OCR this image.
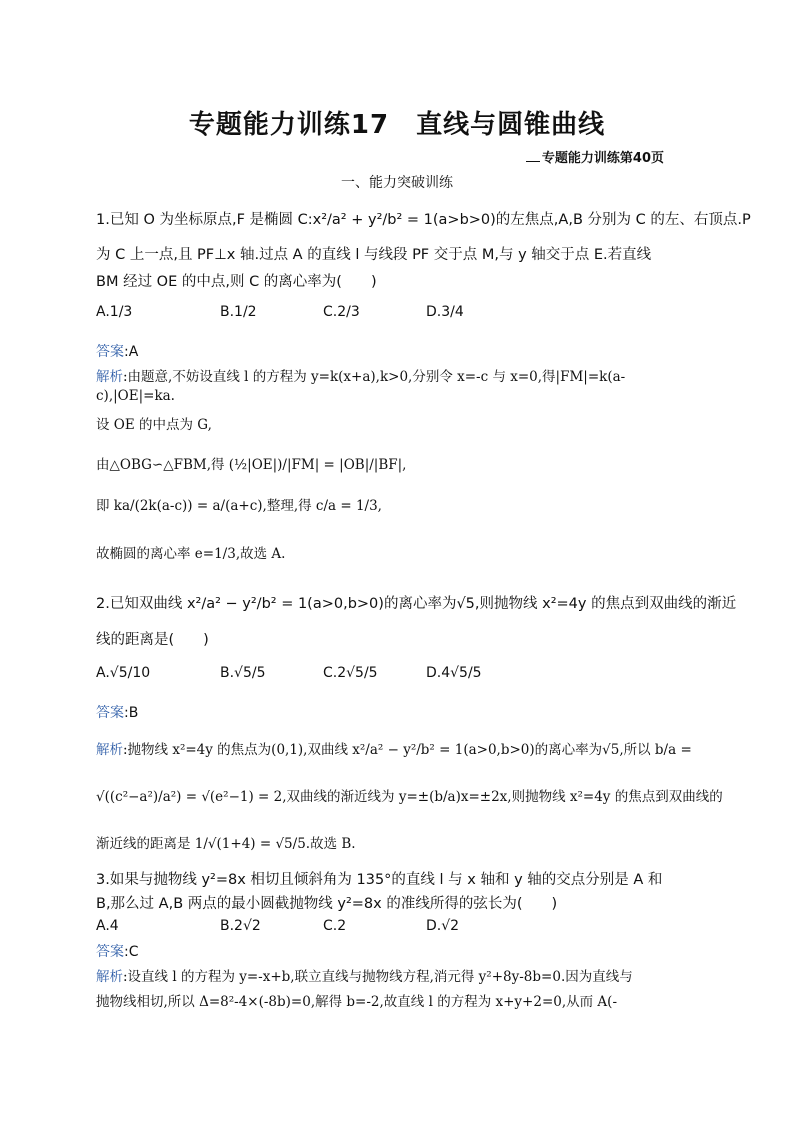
专题能力训练17　直线与圆锥曲线
专题能力训练第40页
一、能力突破训练
1.已知 O 为坐标原点,F 是椭圆 C:x²/a² + y²/b² = 1(a>b>0)的左焦点,A,B 分别为 C 的左、右顶点.P
为 C 上一点,且 PF⊥x 轴.过点 A 的直线 l 与线段 PF 交于点 M,与 y 轴交于点 E.若直线
BM 经过 OE 的中点,则 C 的离心率为(　　)
A.1/3	B.1/2	C.2/3	D.3/4
答案:A
解析:由题意,不妨设直线 l 的方程为 y=k(x+a),k>0,分别令 x=-c 与 x=0,得|FM|=k(a-
c),|OE|=ka.
设 OE 的中点为 G,
由△OBG∽△FBM,得 (½|OE|)/|FM| = |OB|/|BF|,
即 ka/(2k(a-c)) = a/(a+c),整理,得 c/a = 1/3,
故椭圆的离心率 e=1/3,故选 A.
2.已知双曲线 x²/a² − y²/b² = 1(a>0,b>0)的离心率为√5,则抛物线 x²=4y 的焦点到双曲线的渐近
线的距离是(　　)
A.√5/10	B.√5/5	C.2√5/5	D.4√5/5
答案:B
解析:抛物线 x²=4y 的焦点为(0,1),双曲线 x²/a² − y²/b² = 1(a>0,b>0)的离心率为√5,所以 b/a =
√((c²−a²)/a²) = √(e²−1) = 2,双曲线的渐近线为 y=±(b/a)x=±2x,则抛物线 x²=4y 的焦点到双曲线的
渐近线的距离是 1/√(1+4) = √5/5.故选 B.
3.如果与抛物线 y²=8x 相切且倾斜角为 135°的直线 l 与 x 轴和 y 轴的交点分别是 A 和
B,那么过 A,B 两点的最小圆截抛物线 y²=8x 的准线所得的弦长为(　　)
A.4	B.2√2	C.2	D.√2
答案:C
解析:设直线 l 的方程为 y=-x+b,联立直线与抛物线方程,消元得 y²+8y-8b=0.因为直线与
抛物线相切,所以 Δ=8²-4×(-8b)=0,解得 b=-2,故直线 l 的方程为 x+y+2=0,从而 A(-
